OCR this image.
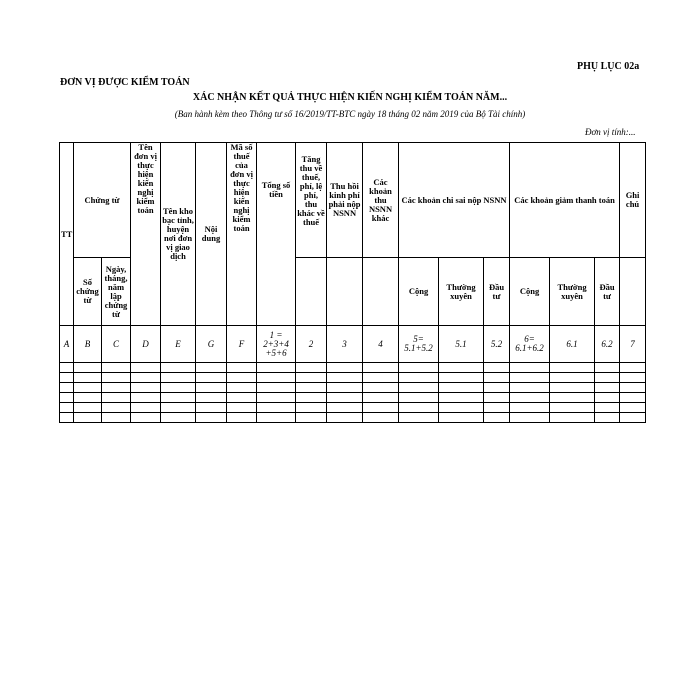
PHỤ LỤC 02a
ĐƠN VỊ ĐƯỢC KIỂM TOÁN
XÁC NHẬN KẾT QUẢ THỰC HIỆN KIẾN NGHỊ KIỂM TOÁN NĂM...
(Ban hành kèm theo Thông tư số 16/2019/TT-BTC ngày 18 tháng 02 năm 2019 của Bộ Tài chính)
Đơn vị tính:...
TT	Chứng từ		Tên đơn vị thực hiện kiến nghị kiểm toán	Tên kho bạc tỉnh, huyện nơi đơn vị giao dịch	Nội dung	Mã số thuế của đơn vị thực hiện kiến nghị kiểm toán	Tổng số tiền	Tăng thu về thuế, phí, lệ phí, thu khác về thuế	Thu hồi kinh phí phải nộp NSNN	Các khoản thu NSNN khác	Các khoản chi sai nộp NSNN			Các khoản giảm thanh toán			Ghi chú
	Số chứng từ	Ngày, tháng, năm lập chứng từ									Cộng	Thường xuyên	Đầu tư	Cộng	Thường xuyên	Đầu tư	
A	B	C	D	E	G	F	1 = 2+3+4 +5+6	2	3	4	5= 5.1+5.2	5.1	5.2	6= 6.1+6.2	6.1	6.2	7
